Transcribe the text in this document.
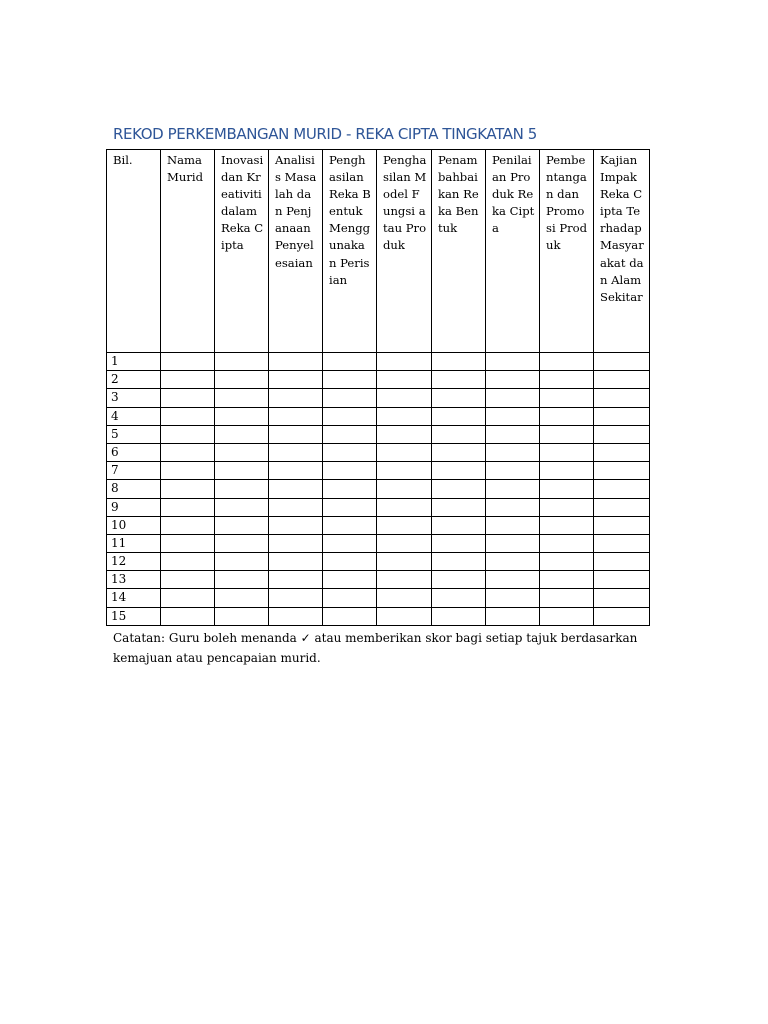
REKOD PERKEMBANGAN MURID - REKA CIPTA TINGKATAN 5
Bil.	Nama Murid	Inovasi dan Kreativiti dalam Reka Cipta	Analisis Masalah dan Penjanaan Penyelesaian	Penghasilan Reka Bentuk Menggunakan Perisian	Penghasilan Model Fungsi atau Produk	Penambahbaikan Reka Bentuk	Penilaian Produk Reka Cipta	Pembentangan dan Promosi Produk	Kajian Impak Reka Cipta Terhadap Masyarakat dan Alam Sekitar
1									
2									
3									
4									
5									
6									
7									
8									
9									
10									
11									
12									
13									
14									
15									

Catatan: Guru boleh menanda ✓ atau memberikan skor bagi setiap tajuk berdasarkan kemajuan atau pencapaian murid.
